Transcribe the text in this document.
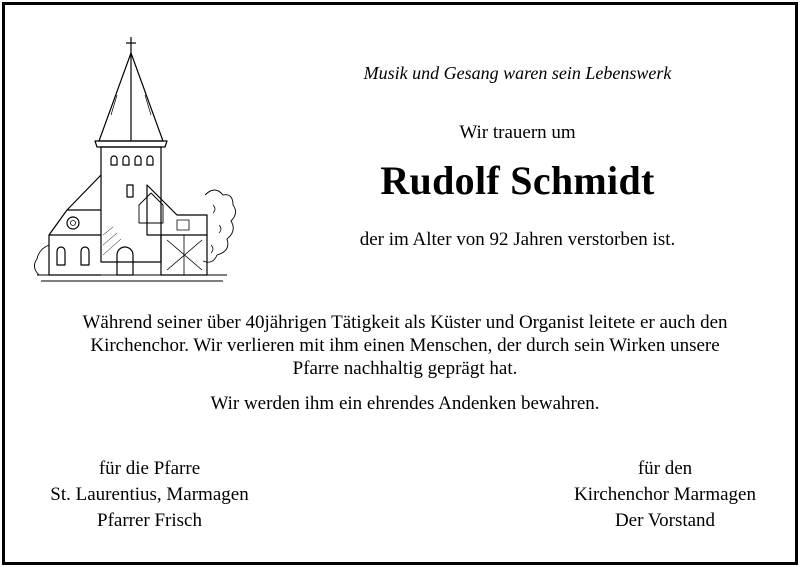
Musik und Gesang waren sein Lebenswerk
Wir trauern um
Rudolf Schmidt
der im Alter von 92 Jahren verstorben ist.
Während seiner über 40jährigen Tätigkeit als Küster und Organist leitete er auch den
Kirchenchor. Wir verlieren mit ihm einen Menschen, der durch sein Wirken unsere
Pfarre nachhaltig geprägt hat.
Wir werden ihm ein ehrendes Andenken bewahren.
für die Pfarre
St. Laurentius, Marmagen
Pfarrer Frisch
für den
Kirchenchor Marmagen
Der Vorstand
